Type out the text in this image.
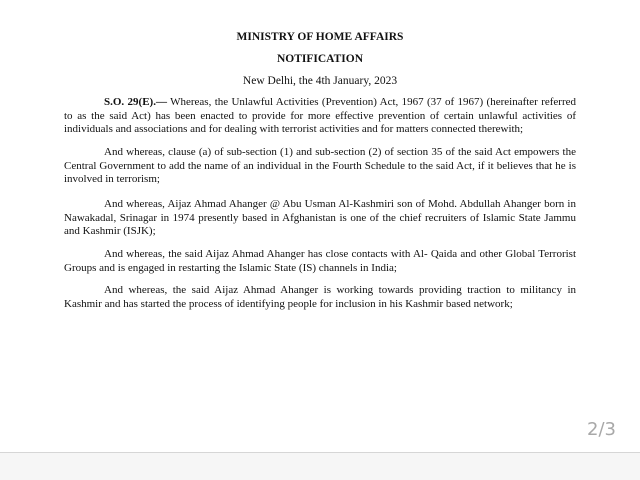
MINISTRY OF HOME AFFAIRS
NOTIFICATION
New Delhi, the 4th January, 2023

S.O. 29(E).— Whereas, the Unlawful Activities (Prevention) Act, 1967 (37 of 1967) (hereinafter referred to as the said Act) has been enacted to provide for more effective prevention of certain unlawful activities of individuals and associations and for dealing with terrorist activities and for matters connected therewith;

And whereas, clause (a) of sub-section (1) and sub-section (2) of section 35 of the said Act empowers the Central Government to add the name of an individual in the Fourth Schedule to the said Act, if it believes that he is involved in terrorism;

And whereas, Aijaz Ahmad Ahanger @ Abu Usman Al-Kashmiri son of Mohd. Abdullah Ahanger born in Nawakadal, Srinagar in 1974 presently based in Afghanistan is one of the chief recruiters of Islamic State Jammu and Kashmir (ISJK);

And whereas, the said Aijaz Ahmad Ahanger has close contacts with Al- Qaida and other Global Terrorist Groups and is engaged in restarting the Islamic State (IS) channels in India;

And whereas, the said Aijaz Ahmad Ahanger is working towards providing traction to militancy in Kashmir and has started the process of identifying people for inclusion in his Kashmir based network;

2/3
